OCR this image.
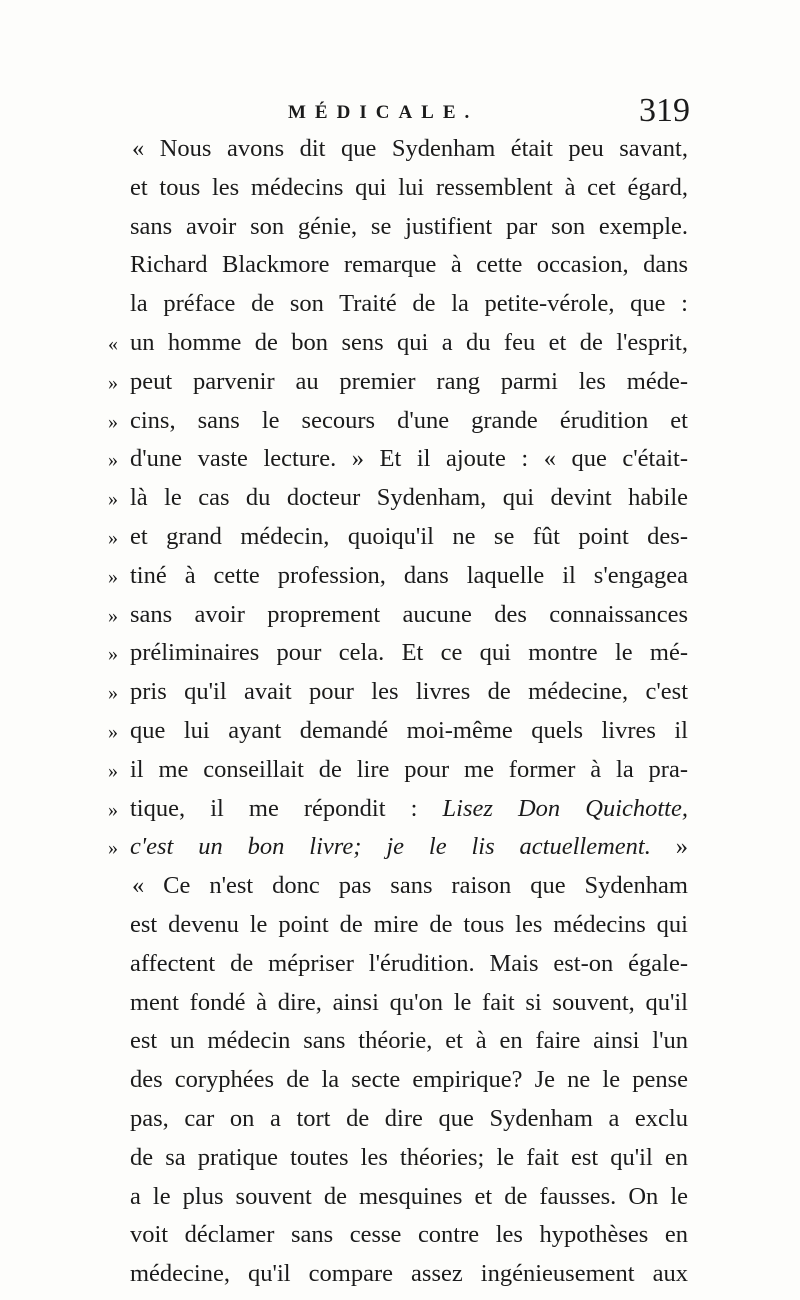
MÉDICALE.	319
« Nous avons dit que Sydenham était peu savant,
et tous les médecins qui lui ressemblent à cet égard,
sans avoir son génie, se justifient par son exemple.
Richard Blackmore remarque à cette occasion, dans
la préface de son Traité de la petite-vérole, que :
« un homme de bon sens qui a du feu et de l'esprit,
» peut parvenir au premier rang parmi les méde-
» cins, sans le secours d'une grande érudition et
» d'une vaste lecture. » Et il ajoute : « que c'était-
» là le cas du docteur Sydenham, qui devint habile
» et grand médecin, quoiqu'il ne se fût point des-
» tiné à cette profession, dans laquelle il s'engagea
» sans avoir proprement aucune des connaissances
» préliminaires pour cela. Et ce qui montre le mé-
» pris qu'il avait pour les livres de médecine, c'est
» que lui ayant demandé moi-même quels livres il
» il me conseillait de lire pour me former à la pra-
» tique, il me répondit : Lisez Don Quichotte,
» c'est un bon livre; je le lis actuellement. »
« Ce n'est donc pas sans raison que Sydenham
est devenu le point de mire de tous les médecins qui
affectent de mépriser l'érudition. Mais est-on égale-
ment fondé à dire, ainsi qu'on le fait si souvent, qu'il
est un médecin sans théorie, et à en faire ainsi l'un
des coryphées de la secte empirique? Je ne le pense
pas, car on a tort de dire que Sydenham a exclu
de sa pratique toutes les théories; le fait est qu'il en
a le plus souvent de mesquines et de fausses. On le
voit déclamer sans cesse contre les hypothèses en
médecine, qu'il compare assez ingénieusement aux
